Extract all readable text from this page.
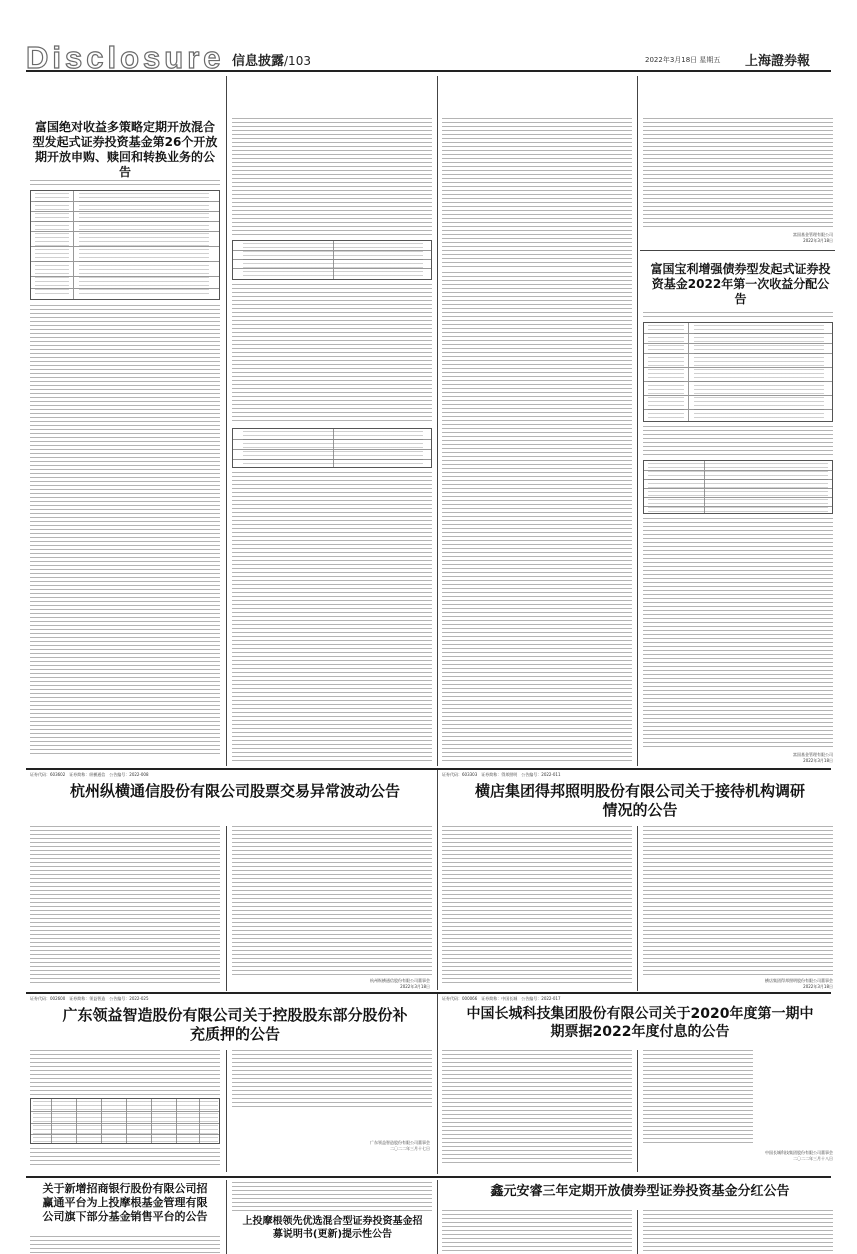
Disclosure 信息披露/103	2022年3月18日 星期五 上海證券報
富国绝对收益多策略定期开放混合型发起式证券投资基金第26个开放期开放申购、赎回和转换业务的公告
富国基金管理有限公司
2022年3月18日
富国宝利增强债券型发起式证券投资基金2022年第一次收益分配公告
富国基金管理有限公司
2022年3月18日
证券代码：603602　证券简称：纵横通信　公告编号：2022-008
杭州纵横通信股份有限公司股票交易异常波动公告
杭州纵横通信股份有限公司董事会
2022年3月18日
证券代码：603303　证券简称：得邦照明　公告编号：2022-011
横店集团得邦照明股份有限公司关于接待机构调研情况的公告
横店集团得邦照明股份有限公司董事会
2022年3月18日
证券代码：002600　证券简称：领益智造　公告编号：2022-025
广东领益智造股份有限公司关于控股股东部分股份补充质押的公告
广东领益智造股份有限公司董事会
二〇二二年三月十七日
证券代码：000066　证券简称：中国长城　公告编号：2022-017
中国长城科技集团股份有限公司关于2020年度第一期中期票据2022年度付息的公告
中国长城科技集团股份有限公司董事会
二〇二二年三月十八日
关于新增招商银行股份有限公司招赢通平台为上投摩根基金管理有限公司旗下部分基金销售平台的公告	上投摩根领先优选混合型证券投资基金招募说明书(更新)提示性公告
鑫元安睿三年定期开放债券型证券投资基金分红公告
